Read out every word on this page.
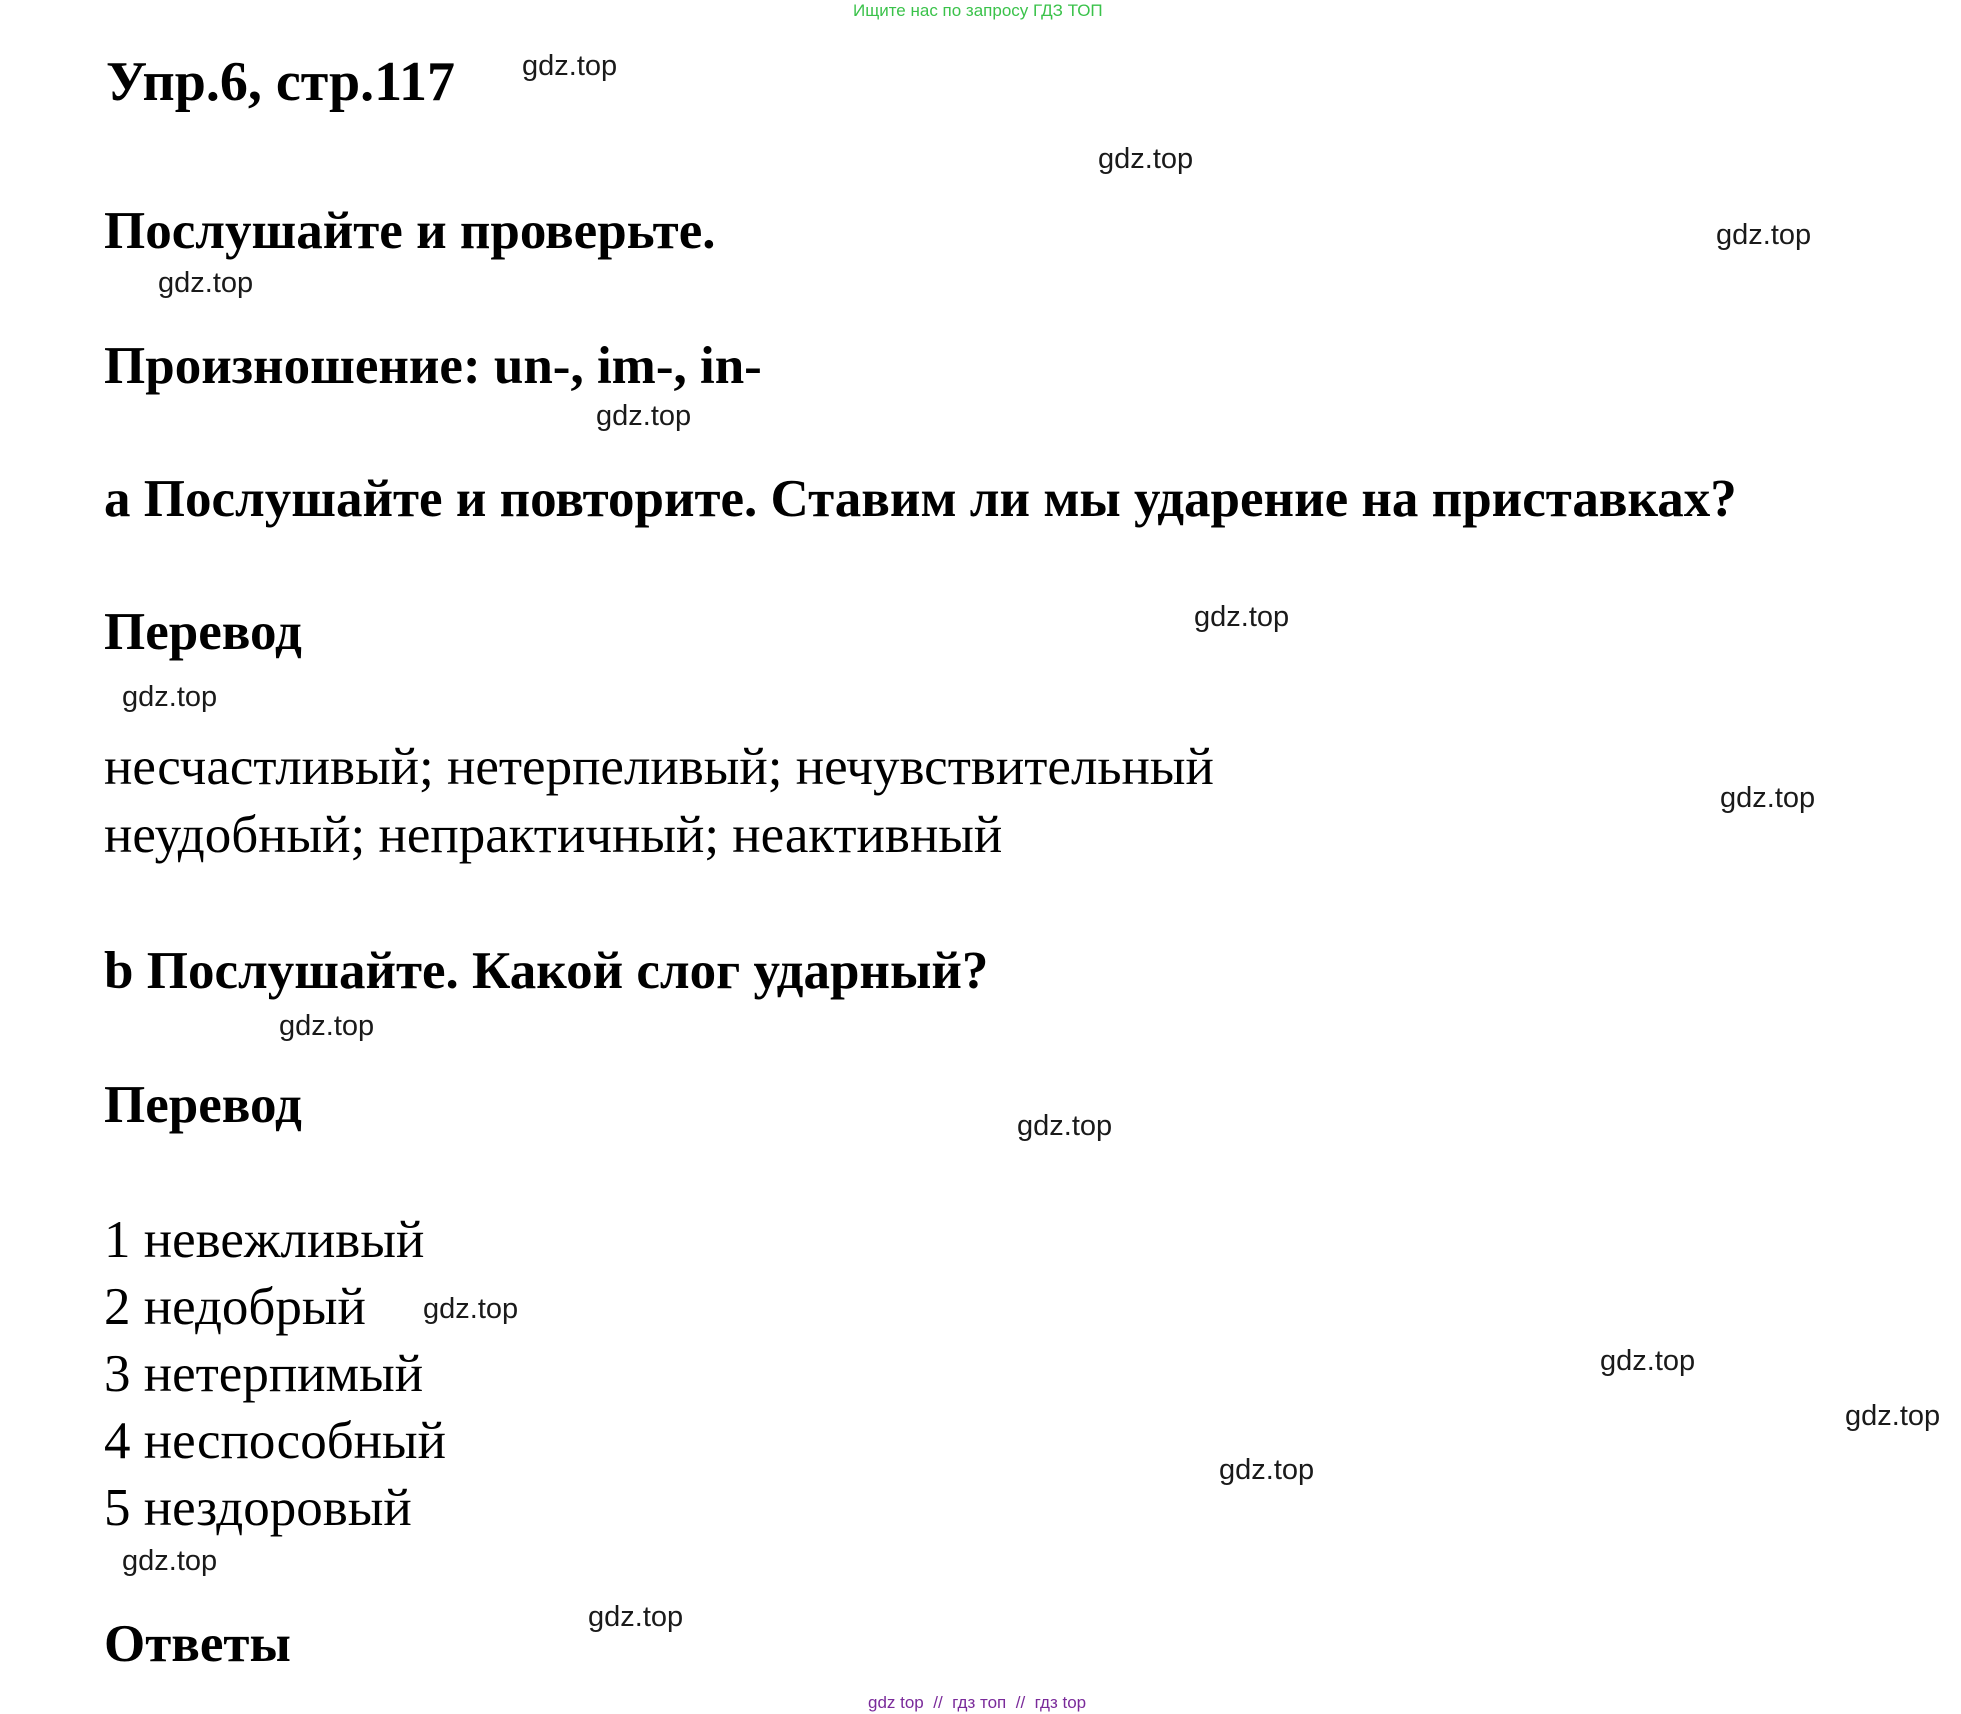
Ищите нас по запросу ГДЗ ТОП
Упр.6, стр.117
Послушайте и проверьте.
Произношение: un-, im-, in-
a Послушайте и повторите. Ставим ли мы ударение на приставках?
Перевод
несчастливый; нетерпеливый; нечувствительный
неудобный; непрактичный; неактивный
b Послушайте. Какой слог ударный?
Перевод
1 невежливый
2 недобрый
3 нетерпимый
4 неспособный
5 нездоровый
Ответы
gdz.top
gdz.top
gdz.top
gdz.top
gdz.top
gdz.top
gdz.top
gdz.top
gdz.top
gdz.top
gdz.top
gdz.top
gdz.top
gdz.top
gdz.top
gdz.top
gdz top // гдз топ // гдз top
